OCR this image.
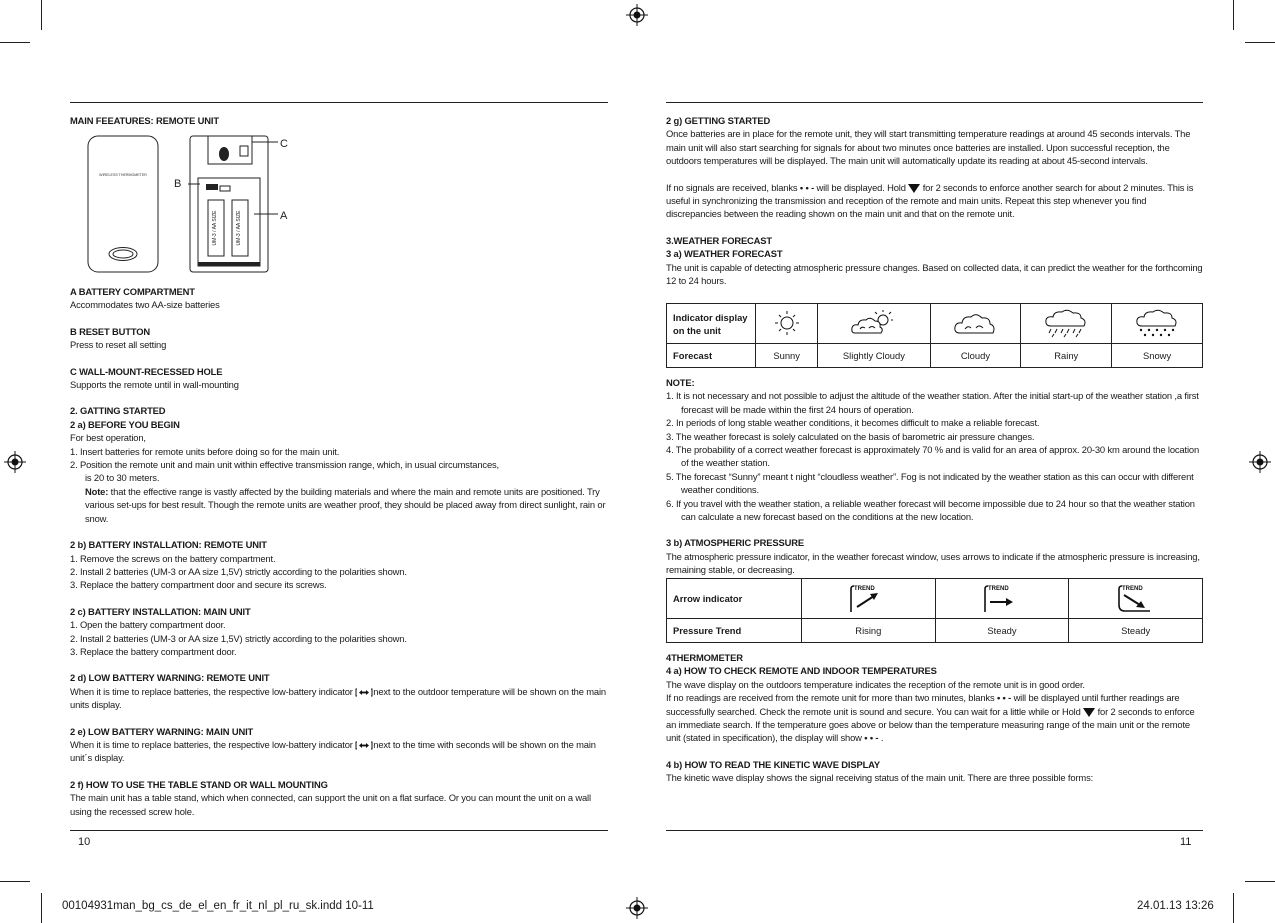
00104931man_bg_cs_de_el_en_fr_it_nl_pl_ru_sk.indd 10-11	24.01.13 13:26
MAIN FEEATURES: REMOTE UNIT
WIRELESS THERMOMETER
UM-3 / AA SIZE	UM-3 / AA SIZE
C
B
A

A BATTERY COMPARTMENT

Accommodates two AA-size batteries

B RESET BUTTON

Press to reset all setting

C WALL-MOUNT-RECESSED HOLE

Supports the remote until in wall-mounting

2. GATTING STARTED

2 a) BEFORE YOU BEGIN

For best operation,

1. Insert batteries for remote units before doing so for the main unit.

2. Position the remote unit and main unit within effective transmission range, which, in usual circumstances,

is 20 to 30 meters.

Note: that the effective range is vastly affected by the building materials and where the main and remote units are positioned. Try various set-ups for best result. Though the remote units are weather proof, they should be placed away from direct sunlight, rain or snow.

2 b) BATTERY INSTALLATION: REMOTE UNIT

1. Remove the screws on the battery compartment.

2. Install 2 batteries (UM-3 or AA size 1,5V) strictly according to the polarities shown.

3. Replace the battery compartment door and secure its screws.

2 c) BATTERY INSTALLATION: MAIN UNIT

1. Open the battery compartment door.

2. Install 2 batteries (UM-3 or AA size 1,5V) strictly according to the polarities shown.

3. Replace the battery compartment door.

2 d) LOW BATTERY WARNING: REMOTE UNIT

When it is time to replace batteries, the respective low-battery indicator next to the outdoor temperature will be shown on the main units display.

2 e) LOW BATTERY WARNING: MAIN UNIT

When it is time to replace batteries, the respective low-battery indicator next to the time with seconds will be shown on the main unit´s display.

2 f) HOW TO USE THE TABLE STAND OR WALL MOUNTING

The main unit has a table stand, which when connected, can support the unit on a flat surface. Or you can mount the unit on a wall using the recessed screw hole.

10

2 g) GETTING STARTED

Once batteries are in place for the remote unit, they will start transmitting temperature readings at around 45 seconds intervals. The main unit will also start searching for signals for about two minutes once batteries are installed. Upon successful reception, the outdoors temperatures will be displayed. The main unit will automatically update its reading at about 45-second intervals.

If no signals are received, blanks • • - will be displayed. Hold  for 2 seconds to enforce another search for about 2 minutes. This is useful in synchronizing the transmission and reception of the remote and main units. Repeat this step whenever you find discrepancies between the reading shown on the main unit and that on the remote unit.

3.WEATHER FORECAST

3 a) WEATHER FORECAST

The unit is capable of detecting atmospheric pressure changes. Based on collected data, it can predict the weather for the forthcoming 12 to 24 hours.

Indicator display
on the unit					
Forecast	Sunny	Slightly Cloudy	Cloudy	Rainy	Snowy

NOTE:

1. It is not necessary and not possible to adjust the altitude of the weather station. After the initial start-up of the weather station ,a first forecast will be made within the first 24 hours of operation.

2. In periods of long stable weather conditions, it becomes difficult to make a reliable forecast.

3. The weather forecast is solely calculated on the basis of barometric air pressure changes.

4. The probability of a correct weather forecast is approximately 70 % and is valid for an area of approx. 20-30 km around the location of the weather station.

5. The forecast “Sunny” meant t night “cloudless weather”. Fog is not indicated by the weather station as this can occur with different weather conditions.

6. If you travel with the weather station, a reliable weather forecast will become impossible due to 24 hour so that the weather station can calculate a new forecast based on the conditions at the new location.

3 b) ATMOSPHERIC PRESSURE

The atmospheric pressure indicator, in the weather forecast window, uses arrows to indicate if the atmospheric pressure is increasing, remaining stable, or decreasing.

Arrow indicator	TREND	TREND	TREND

Pressure Trend	Rising	Steady	Steady

4THERMOMETER

4 a) HOW TO CHECK REMOTE AND INDOOR TEMPERATURES

The wave display on the outdoors temperature indicates the reception of the remote unit is in good order.

If no readings are received from the remote unit for more than two minutes, blanks • • - will be displayed until further readings are successfully searched. Check the remote unit is sound and secure. You can wait for a little while or Hold  for 2 seconds to enforce an immediate search. If the temperature goes above or below than the temperature measuring range of the main unit or the remote unit (stated in specification), the display will show • • - .

4 b) HOW TO READ THE KINETIC WAVE DISPLAY

The kinetic wave display shows the signal receiving status of the main unit. There are three possible forms:

11
